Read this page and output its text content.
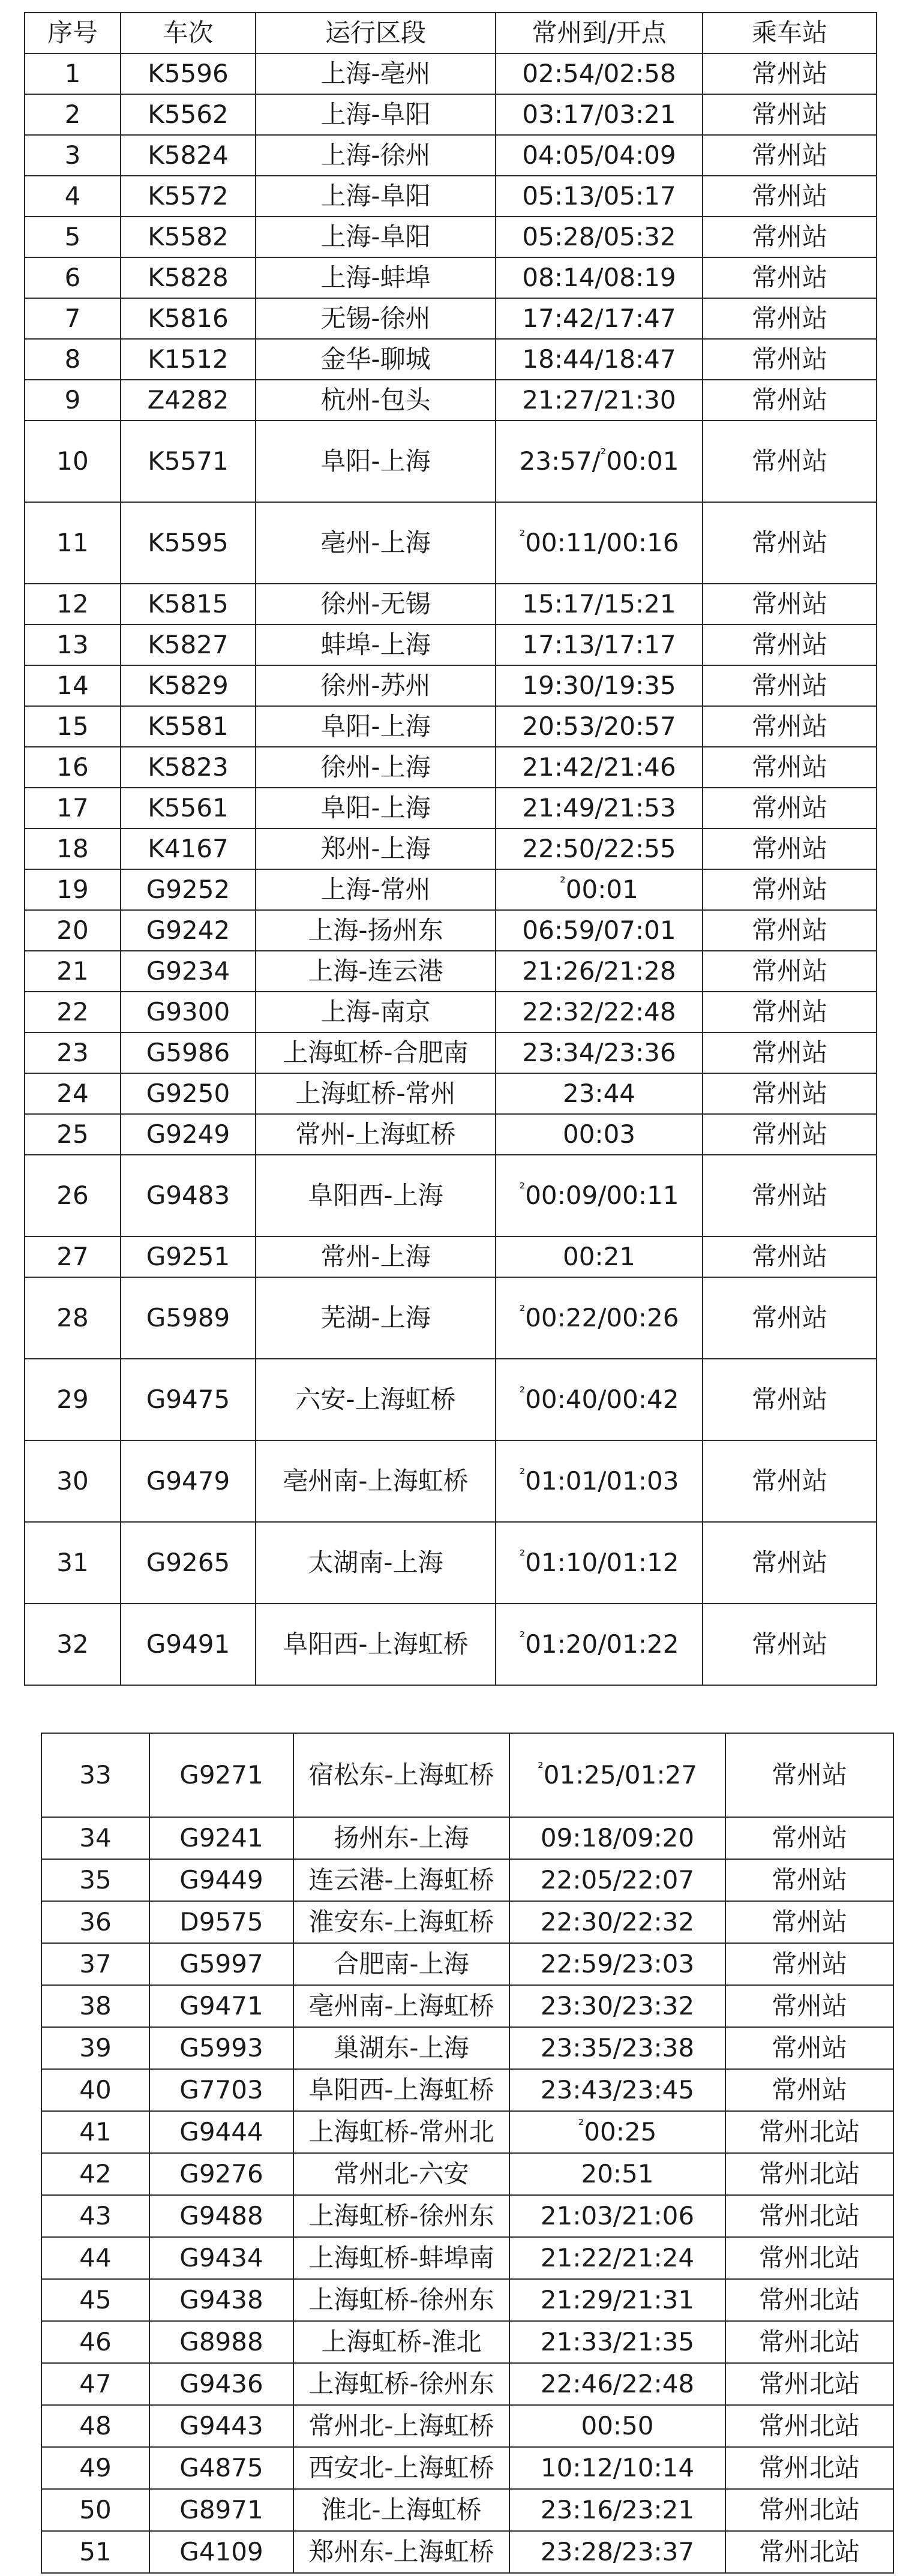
序号	车次	运行区段	常州到/开点	乘车站
1	K5596	上海-亳州	02:54/02:58	常州站
2	K5562	上海-阜阳	03:17/03:21	常州站
3	K5824	上海-徐州	04:05/04:09	常州站
4	K5572	上海-阜阳	05:13/05:17	常州站
5	K5582	上海-阜阳	05:28/05:32	常州站
6	K5828	上海-蚌埠	08:14/08:19	常州站
7	K5816	无锡-徐州	17:42/17:47	常州站
8	K1512	金华-聊城	18:44/18:47	常州站
9	Z4282	杭州-包头	21:27/21:30	常州站
10	K5571	阜阳-上海	23:57/$^{^2}$00:01	常州站
11	K5595	亳州-上海	$^{^2}$00:11/00:16	常州站
12	K5815	徐州-无锡	15:17/15:21	常州站
13	K5827	蚌埠-上海	17:13/17:17	常州站
14	K5829	徐州-苏州	19:30/19:35	常州站
15	K5581	阜阳-上海	20:53/20:57	常州站
16	K5823	徐州-上海	21:42/21:46	常州站
17	K5561	阜阳-上海	21:49/21:53	常州站
18	K4167	郑州-上海	22:50/22:55	常州站
19	G9252	上海-常州	$^{^2}$00:01	常州站
20	G9242	上海-扬州东	06:59/07:01	常州站
21	G9234	上海-连云港	21:26/21:28	常州站
22	G9300	上海-南京	22:32/22:48	常州站
23	G5986	上海虹桥-合肥南	23:34/23:36	常州站
24	G9250	上海虹桥-常州	23:44	常州站
25	G9249	常州-上海虹桥	00:03	常州站
26	G9483	阜阳西-上海	$^{^2}$00:09/00:11	常州站
27	G9251	常州-上海	00:21	常州站
28	G5989	芜湖-上海	$^{^2}$00:22/00:26	常州站
29	G9475	六安-上海虹桥	$^{^2}$00:40/00:42	常州站
30	G9479	亳州南-上海虹桥	$^{^2}$01:01/01:03	常州站
31	G9265	太湖南-上海	$^{^2}$01:10/01:12	常州站
32	G9491	阜阳西-上海虹桥	$^{^2}$01:20/01:22	常州站
33	G9271	宿松东-上海虹桥	$^{^2}$01:25/01:27	常州站
34	G9241	扬州东-上海	09:18/09:20	常州站
35	G9449	连云港-上海虹桥	22:05/22:07	常州站
36	D9575	淮安东-上海虹桥	22:30/22:32	常州站
37	G5997	合肥南-上海	22:59/23:03	常州站
38	G9471	亳州南-上海虹桥	23:30/23:32	常州站
39	G5993	巢湖东-上海	23:35/23:38	常州站
40	G7703	阜阳西-上海虹桥	23:43/23:45	常州站
41	G9444	上海虹桥-常州北	$^{^2}$00:25	常州北站
42	G9276	常州北-六安	20:51	常州北站
43	G9488	上海虹桥-徐州东	21:03/21:06	常州北站
44	G9434	上海虹桥-蚌埠南	21:22/21:24	常州北站
45	G9438	上海虹桥-徐州东	21:29/21:31	常州北站
46	G8988	上海虹桥-淮北	21:33/21:35	常州北站
47	G9436	上海虹桥-徐州东	22:46/22:48	常州北站
48	G9443	常州北-上海虹桥	00:50	常州北站
49	G4875	西安北-上海虹桥	10:12/10:14	常州北站
50	G8971	淮北-上海虹桥	23:16/23:21	常州北站
51	G4109	郑州东-上海虹桥	23:28/23:37	常州北站
